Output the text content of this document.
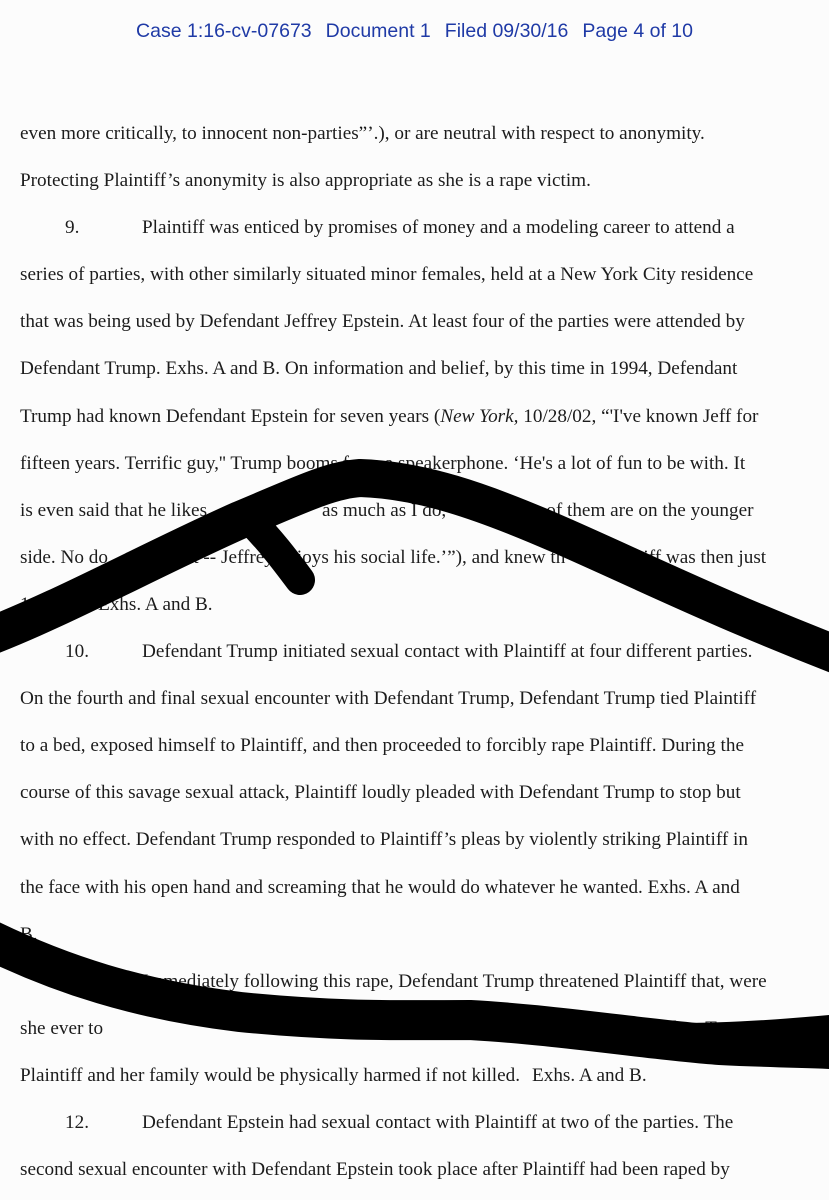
Case 1:16-cv-07673 Document 1 Filed 09/30/16 Page 4 of 10
even more critically, to innocent non-parties”’.), or are neutral with respect to anonymity.
Protecting Plaintiff’s anonymity is also appropriate as she is a rape victim.
9.	Plaintiff was enticed by promises of money and a modeling career to attend a
series of parties, with other similarly situated minor females, held at a New York City residence
that was being used by Defendant Jeffrey Epstein. At least four of the parties were attended by
Defendant Trump. Exhs. A and B. On information and belief, by this time in 1994, Defendant
Trump had known Defendant Epstein for seven years (New York, 10/28/02, “'I've known Jeff for
fifteen years. Terrific guy,'' Trump booms from a speakerphone. ‘He's a lot of fun to be with. It
is even said that he likes	as much as I do,	of them are on the younger
side. No do	it -- Jeffrey enjoys his social life.’”), and knew th	iff was then just
1 s old. Exhs. A and B.
10.	Defendant Trump initiated sexual contact with Plaintiff at four different parties.
On the fourth and final sexual encounter with Defendant Trump, Defendant Trump tied Plaintiff
to a bed, exposed himself to Plaintiff, and then proceeded to forcibly rape Plaintiff. During the
course of this savage sexual attack, Plaintiff loudly pleaded with Defendant Trump to stop but
with no effect. Defendant Trump responded to Plaintiff’s pleas by violently striking Plaintiff in
the face with his open hand and screaming that he would do whatever he wanted. Exhs. A and
B.
Immediately following this rape, Defendant Trump threatened Plaintiff that, were
she ever to	sexual and physical abuse of her by Defendant Trump,
Plaintiff and her family would be physically harmed if not killed. Exhs. A and B.
12.	Defendant Epstein had sexual contact with Plaintiff at two of the parties. The
second sexual encounter with Defendant Epstein took place after Plaintiff had been raped by
